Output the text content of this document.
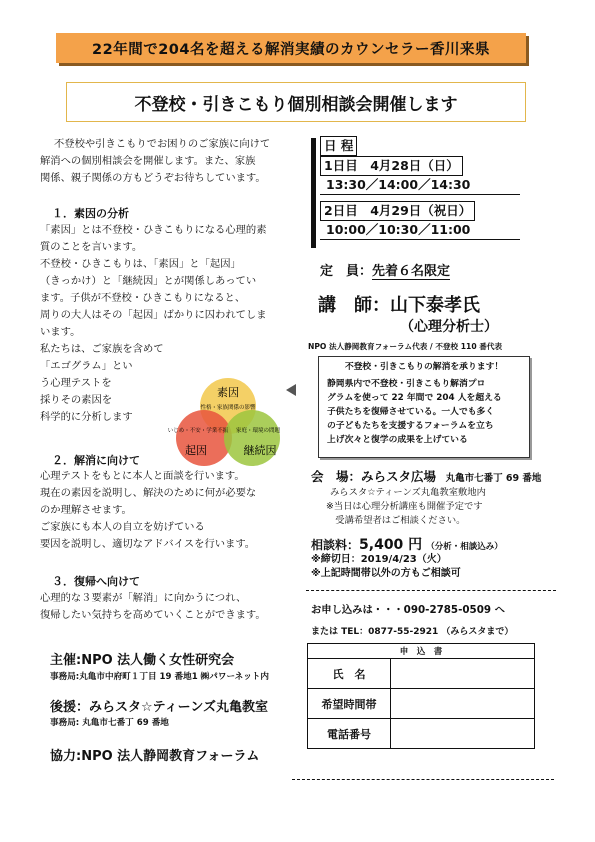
22年間で204名を超える解消実績のカウンセラー香川来県
不登校・引きこもり個別相談会開催します
不登校や引きこもりでお困りのご家族に向けて
解消への個別相談会を開催します。また、家族
関係、親子関係の方もどうぞお待ちしています。
１．素因の分析
「素因」とは不登校・ひきこもりになる心理的素
質のことを言います。
不登校・ひきこもりは、「素因」と「起因」
（きっかけ）と「継続因」とが関係しあってい
ます。子供が不登校・ひきこもりになると、
周りの大人はその「起因」ばかりに囚われてしま
います。
私たちは、ご家族を含めて
「エゴグラム」とい
う心理テストを
採りその素因を
科学的に分析します
素因
性格・家族関係の影響
起因
いじめ・不安・学業不振
継続因
家庭・環境の問題
２．解消に向けて
心理テストをもとに本人と面談を行います。
現在の素因を説明し、解決のために何が必要な
のか理解させます。
ご家族にも本人の自立を妨げている
要因を説明し、適切なアドバイスを行います。
３．復帰へ向けて
心理的な３要素が「解消」に向かうにつれ、
復帰したい気持ちを高めていくことができます。
主催:NPO 法人働く女性研究会
事務局:丸亀市中府町１丁目 19 番地1 ㈱パワーネット内
後援：みらスタ☆ティーンズ丸亀教室
事務局: 丸亀市七番丁 69 番地
協力:NPO 法人静岡教育フォーラム
日 程
1日目　4月28日（日）
13:30／14:00／14:30
2日目　4月29日（祝日）
10:00／10:30／11:00
定　員：先着６名限定
講　師：山下泰孝氏
（心理分析士）
NPO 法人静岡教育フォーラム代表 / 不登校 110 番代表
不登校・引きこもりの解消を承ります！
静岡県内で不登校・引きこもり解消プロ
グラムを使って 22 年間で 204 人を超える
子供たちを復帰させている。一人でも多く
の子どもたちを支援するフォーラムを立ち
上げ次々と復学の成果を上げている
会　場：みらスタ広場 丸亀市七番丁 69 番地
みらスタ☆ティーンズ丸亀教室敷地内
※当日は心理分析講座も開催予定です
　受講希望者はご相談ください。
相談料：5,400 円 （分析・相談込み）
※締切日：2019/4/23（火）
※上記時間帯以外の方もご相談可
お申し込みは・・・090-2785-0509 へ
または TEL：0877-55-2921 （みらスタまで）
申　込　書	
氏　名	
希望時間帯	
電話番号	
